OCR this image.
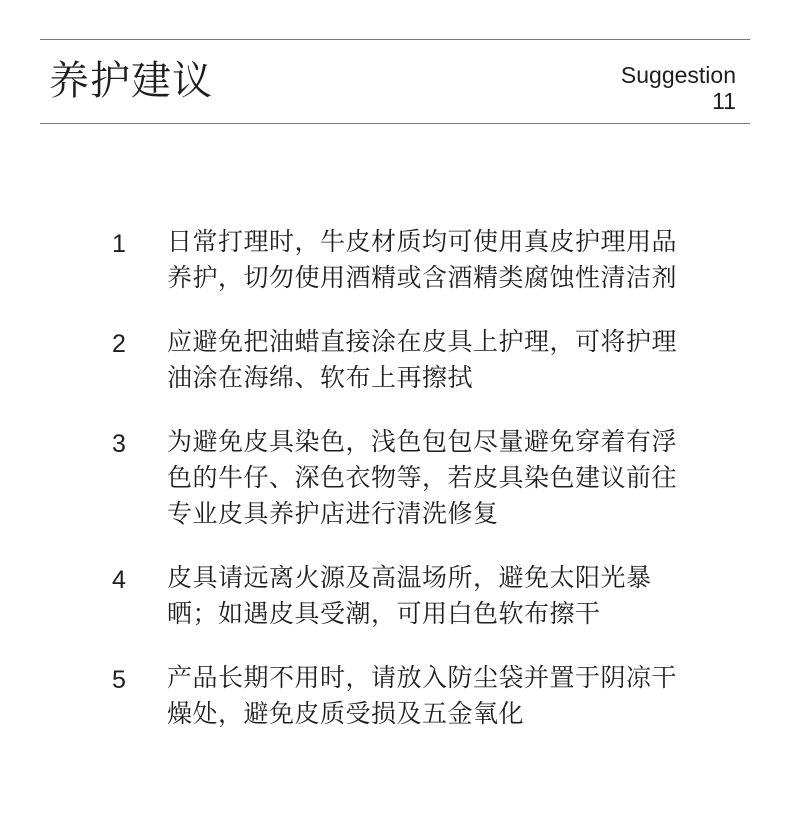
养护建议	Suggestion
11
1	日常打理时，牛皮材质均可使用真皮护理用品养护，切勿使用酒精或含酒精类腐蚀性清洁剂
2	应避免把油蜡直接涂在皮具上护理，可将护理油涂在海绵、软布上再擦拭
3	为避免皮具染色，浅色包包尽量避免穿着有浮色的牛仔、深色衣物等，若皮具染色建议前往专业皮具养护店进行清洗修复
4	皮具请远离火源及高温场所，避免太阳光暴晒；如遇皮具受潮，可用白色软布擦干
5	产品长期不用时，请放入防尘袋并置于阴凉干燥处，避免皮质受损及五金氧化
